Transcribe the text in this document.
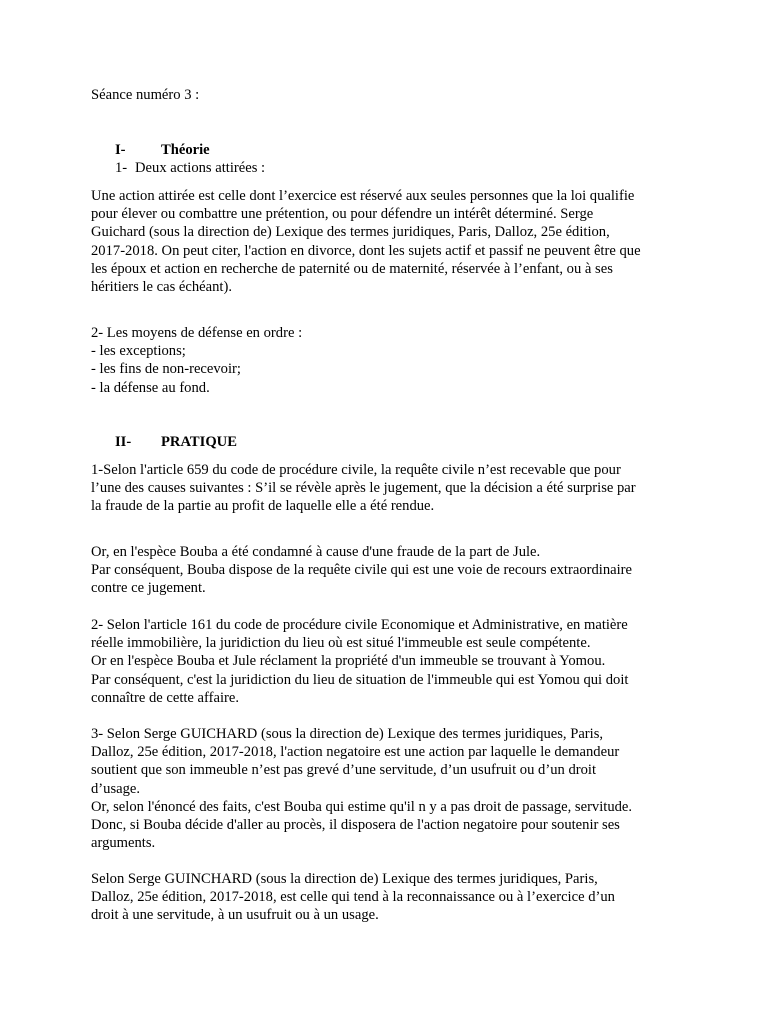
Séance numéro 3 :
I- Théorie
1- Deux actions attirées :
Une action attirée est celle dont l’exercice est réservé aux seules personnes que la loi qualifie
pour élever ou combattre une prétention, ou pour défendre un intérêt déterminé. Serge
Guichard (sous la direction de) Lexique des termes juridiques, Paris, Dalloz, 25e édition,
2017-2018. On peut citer, l'action en divorce, dont les sujets actif et passif ne peuvent être que
les époux et action en recherche de paternité ou de maternité, réservée à l’enfant, ou à ses
héritiers le cas échéant).
2- Les moyens de défense en ordre :
- les exceptions;
- les fins de non-recevoir;
- la défense au fond.
II- PRATIQUE
1-Selon l'article 659 du code de procédure civile, la requête civile n’est recevable que pour
l’une des causes suivantes : S’il se révèle après le jugement, que la décision a été surprise par
la fraude de la partie au profit de laquelle elle a été rendue.
Or, en l'espèce Bouba a été condamné à cause d'une fraude de la part de Jule.
Par conséquent, Bouba dispose de la requête civile qui est une voie de recours extraordinaire
contre ce jugement.
2- Selon l'article 161 du code de procédure civile Economique et Administrative, en matière
réelle immobilière, la juridiction du lieu où est situé l'immeuble est seule compétente.
Or en l'espèce Bouba et Jule réclament la propriété d'un immeuble se trouvant à Yomou.
Par conséquent, c'est la juridiction du lieu de situation de l'immeuble qui est Yomou qui doit
connaître de cette affaire.
3- Selon Serge GUICHARD (sous la direction de) Lexique des termes juridiques, Paris,
Dalloz, 25e édition, 2017-2018, l'action negatoire est une action par laquelle le demandeur
soutient que son immeuble n’est pas grevé d’une servitude, d’un usufruit ou d’un droit
d’usage.
Or, selon l'énoncé des faits, c'est Bouba qui estime qu'il n y a pas droit de passage, servitude.
Donc, si Bouba décide d'aller au procès, il disposera de l'action negatoire pour soutenir ses
arguments.
Selon Serge GUINCHARD (sous la direction de) Lexique des termes juridiques, Paris,
Dalloz, 25e édition, 2017-2018, est celle qui tend à la reconnaissance ou à l’exercice d’un
droit à une servitude, à un usufruit ou à un usage.
